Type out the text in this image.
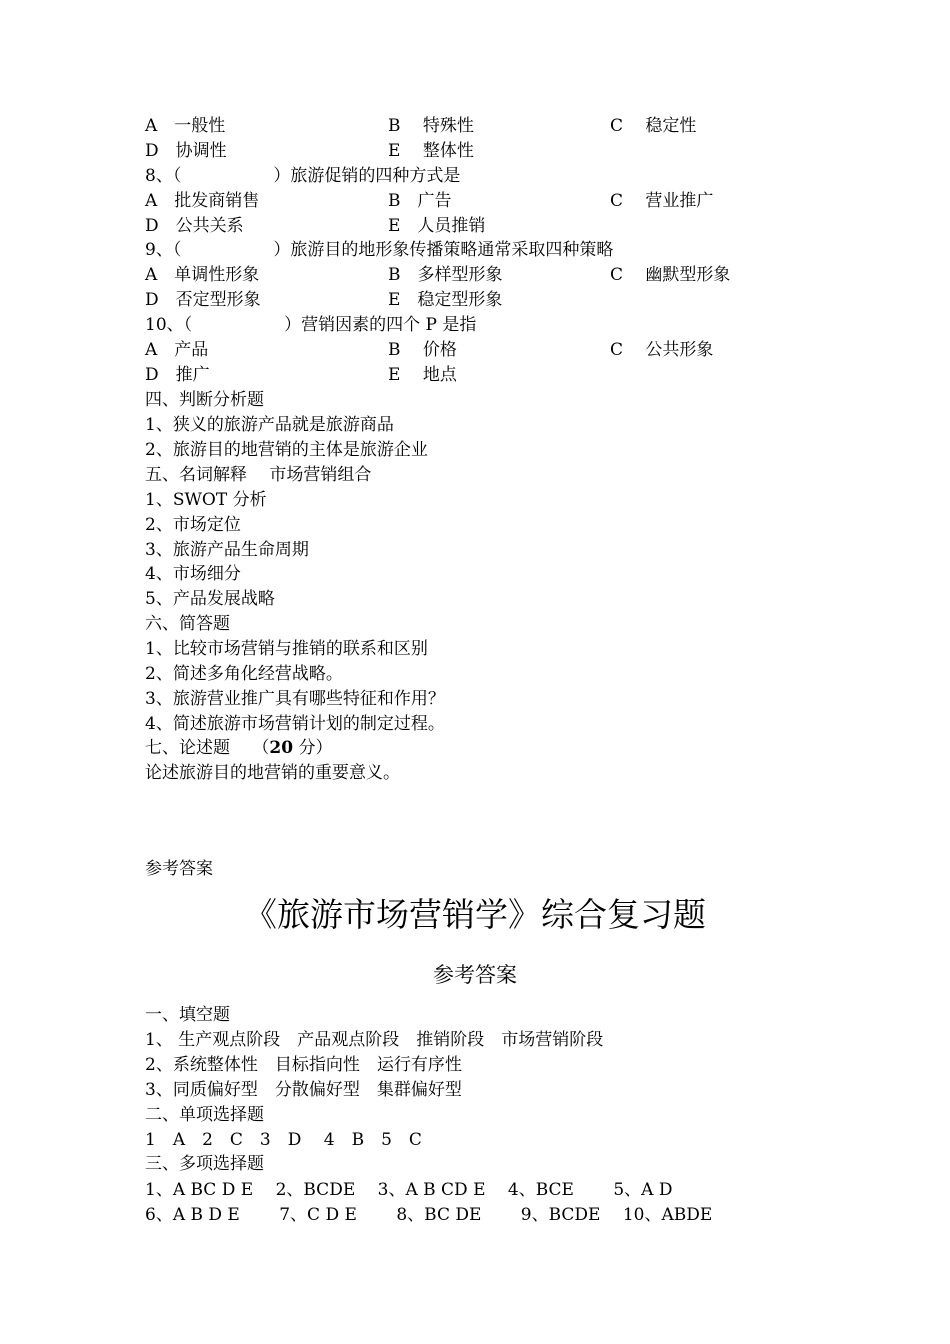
A　一般性	B　 特殊性	C　 稳定性
D　协调性	E　 整体性
8、（	）旅游促销的四种方式是
A　批发商销售	B　广告	C　 营业推广
D　公共关系	E　人员推销
9、（	）旅游目的地形象传播策略通常采取四种策略
A　单调性形象	B　多样型形象	C　 幽默型形象
D　否定型形象	E　稳定型形象
10、（	）营销因素的四个 P 是指
A　产品	B　 价格	C　 公共形象
D　推广	E　 地点
四、判断分析题
1、狭义的旅游产品就是旅游商品
2、旅游目的地营销的主体是旅游企业
五、名词解释　 市场营销组合
1、SWOT 分析
2、市场定位
3、旅游产品生命周期
4、市场细分
5、产品发展战略
六、简答题
1、比较市场营销与推销的联系和区别
2、简述多角化经营战略。
3、旅游营业推广具有哪些特征和作用？
4、简述旅游市场营销计划的制定过程。
七、论述题　 （20 分）
论述旅游目的地营销的重要意义。
参考答案
《旅游市场营销学》综合复习题
参考答案
一、填空题
1、 生产观点阶段　产品观点阶段　推销阶段　市场营销阶段
2、系统整体性　目标指向性　运行有序性
3、同质偏好型　分散偏好型　集群偏好型
二、单项选择题
1　A　2　C　3　D　 4　B　5　C
三、多项选择题
1、A BC D E　 2、BCDE　 3、A B CD E　 4、BCE　　 5、A D
6、A B D E　　 7、C D E　　 8、BC DE　　 9、BCDE　 10、ABDE
